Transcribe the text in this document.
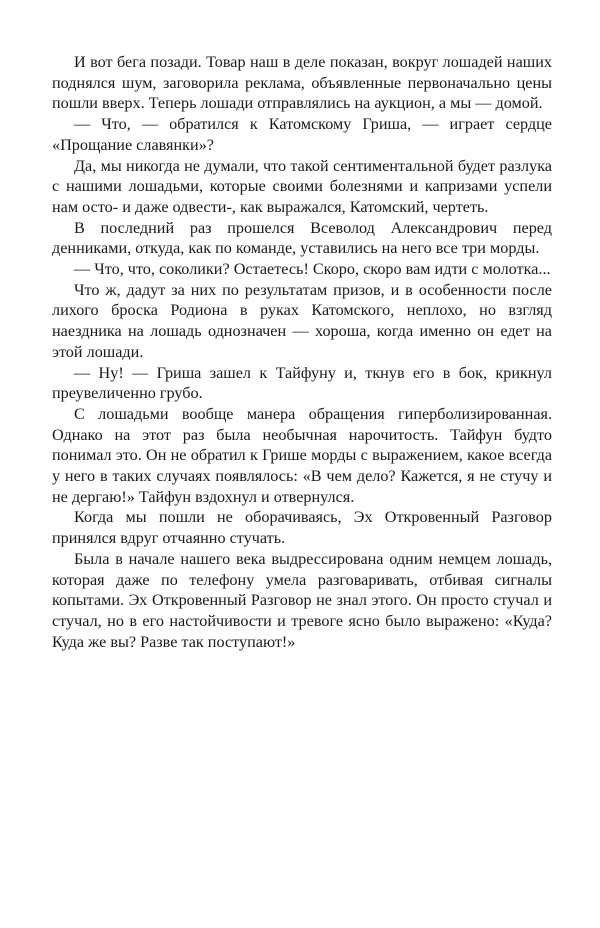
И вот бега позади. Товар наш в деле показан, вокруг лошадей наших поднялся шум, заговорила реклама, объявленные первоначально цены пошли вверх. Теперь лошади отправлялись на аукцион, а мы — домой.

— Что, — обратился к Катомскому Гриша, — играет сердце «Прощание славянки»?

Да, мы никогда не думали, что такой сентиментальной будет разлука с нашими лошадьми, которые своими болезнями и капризами успели нам осто- и даже одвести-, как выражался, Катомский, чертеть.

В последний раз прошелся Всеволод Александрович перед денниками, откуда, как по команде, уставились на него все три морды.

— Что, что, соколики? Остаетесь! Скоро, скоро вам идти с молотка...

Что ж, дадут за них по результатам призов, и в особенности после лихого броска Родиона в руках Катомского, неплохо, но взгляд наездника на лошадь однозначен — хороша, когда именно он едет на этой лошади.

— Ну! — Гриша зашел к Тайфуну и, ткнув его в бок, крикнул преувеличенно грубо.

С лошадьми вообще манера обращения гиперболизированная. Однако на этот раз была необычная нарочитость. Тайфун будто понимал это. Он не обратил к Грише морды с выражением, какое всегда у него в таких случаях появлялось: «В чем дело? Кажется, я не стучу и не дергаю!» Тайфун вздохнул и отвернулся.

Когда мы пошли не оборачиваясь, Эх Откровенный Разговор принялся вдруг отчаянно стучать.

Была в начале нашего века выдрессирована одним немцем лошадь, которая даже по телефону умела разговаривать, отбивая сигналы копытами. Эх Откровенный Разговор не знал этого. Он просто стучал и стучал, но в его настойчивости и тревоге ясно было выражено: «Куда? Куда же вы? Разве так поступают!»
